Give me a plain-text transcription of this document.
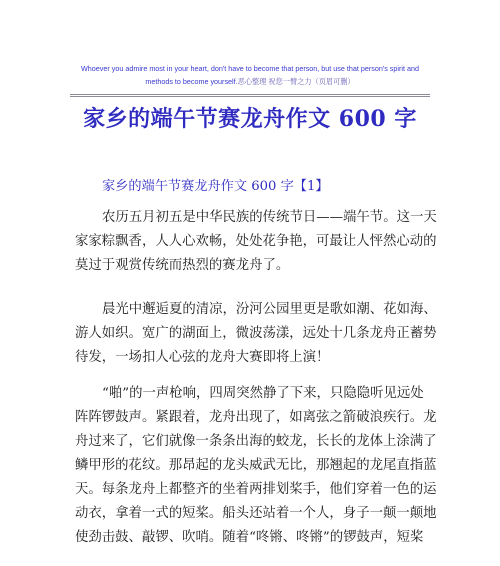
Whoever you admire most in your heart, don't have to become that person, but use that person's spirit and
methods to become yourself.恶心整理 祝您一臂之力（页眉可删）
家乡的端午节赛龙舟作文 600 字
家乡的端午节赛龙舟作文 600 字【1】

农历五月初五是中华民族的传统节日——端午节。这一天
家家粽飘香，人人心欢畅，处处花争艳，可最让人怦然心动的
莫过于观赏传统而热烈的赛龙舟了。

晨光中邂逅夏的清凉，汾河公园里更是歌如潮、花如海、
游人如织。宽广的湖面上，微波荡漾，远处十几条龙舟正蓄势
待发，一场扣人心弦的龙舟大赛即将上演！

“啪”的一声枪响，四周突然静了下来，只隐隐听见远处
阵阵锣鼓声。紧跟着，龙舟出现了，如离弦之箭破浪疾行。龙
舟过来了，它们就像一条条出海的蛟龙，长长的龙体上涂满了
鳞甲形的花纹。那昂起的龙头威武无比，那翘起的龙尾直指蓝
天。每条龙舟上都整齐的坐着两排划桨手，他们穿着一色的运
动衣，拿着一式的短桨。船头还站着一个人，身子一颠一颠地
使劲击鼓、敲锣、吹哨。随着“咚锵、咚锵”的锣鼓声，短桨
